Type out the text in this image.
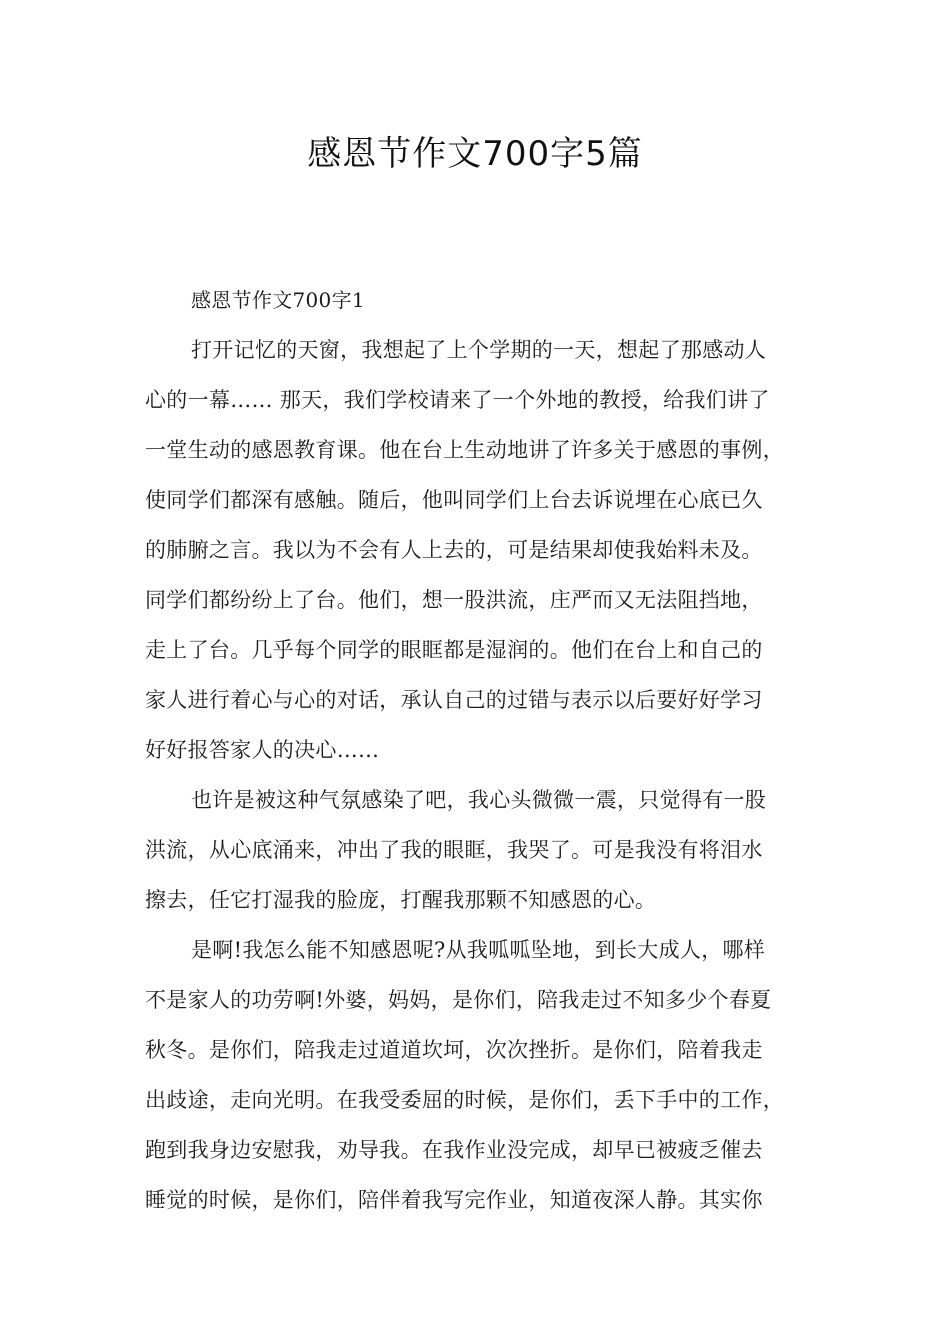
感恩节作文700字5篇
感恩节作文700字1
打开记忆的天窗，我想起了上个学期的一天，想起了那感动人
心的一幕…… 那天，我们学校请来了一个外地的教授，给我们讲了
一堂生动的感恩教育课。他在台上生动地讲了许多关于感恩的事例，
使同学们都深有感触。随后，他叫同学们上台去诉说埋在心底已久
的肺腑之言。我以为不会有人上去的，可是结果却使我始料未及。
同学们都纷纷上了台。他们，想一股洪流，庄严而又无法阻挡地，
走上了台。几乎每个同学的眼眶都是湿润的。他们在台上和自己的
家人进行着心与心的对话，承认自己的过错与表示以后要好好学习
好好报答家人的决心……
也许是被这种气氛感染了吧，我心头微微一震，只觉得有一股
洪流，从心底涌来，冲出了我的眼眶，我哭了。可是我没有将泪水
擦去，任它打湿我的脸庞，打醒我那颗不知感恩的心。
是啊!我怎么能不知感恩呢?从我呱呱坠地，到长大成人，哪样
不是家人的功劳啊!外婆，妈妈，是你们，陪我走过不知多少个春夏
秋冬。是你们，陪我走过道道坎坷，次次挫折。是你们，陪着我走
出歧途，走向光明。在我受委屈的时候，是你们，丢下手中的工作，
跑到我身边安慰我，劝导我。在我作业没完成，却早已被疲乏催去
睡觉的时候，是你们，陪伴着我写完作业，知道夜深人静。其实你
